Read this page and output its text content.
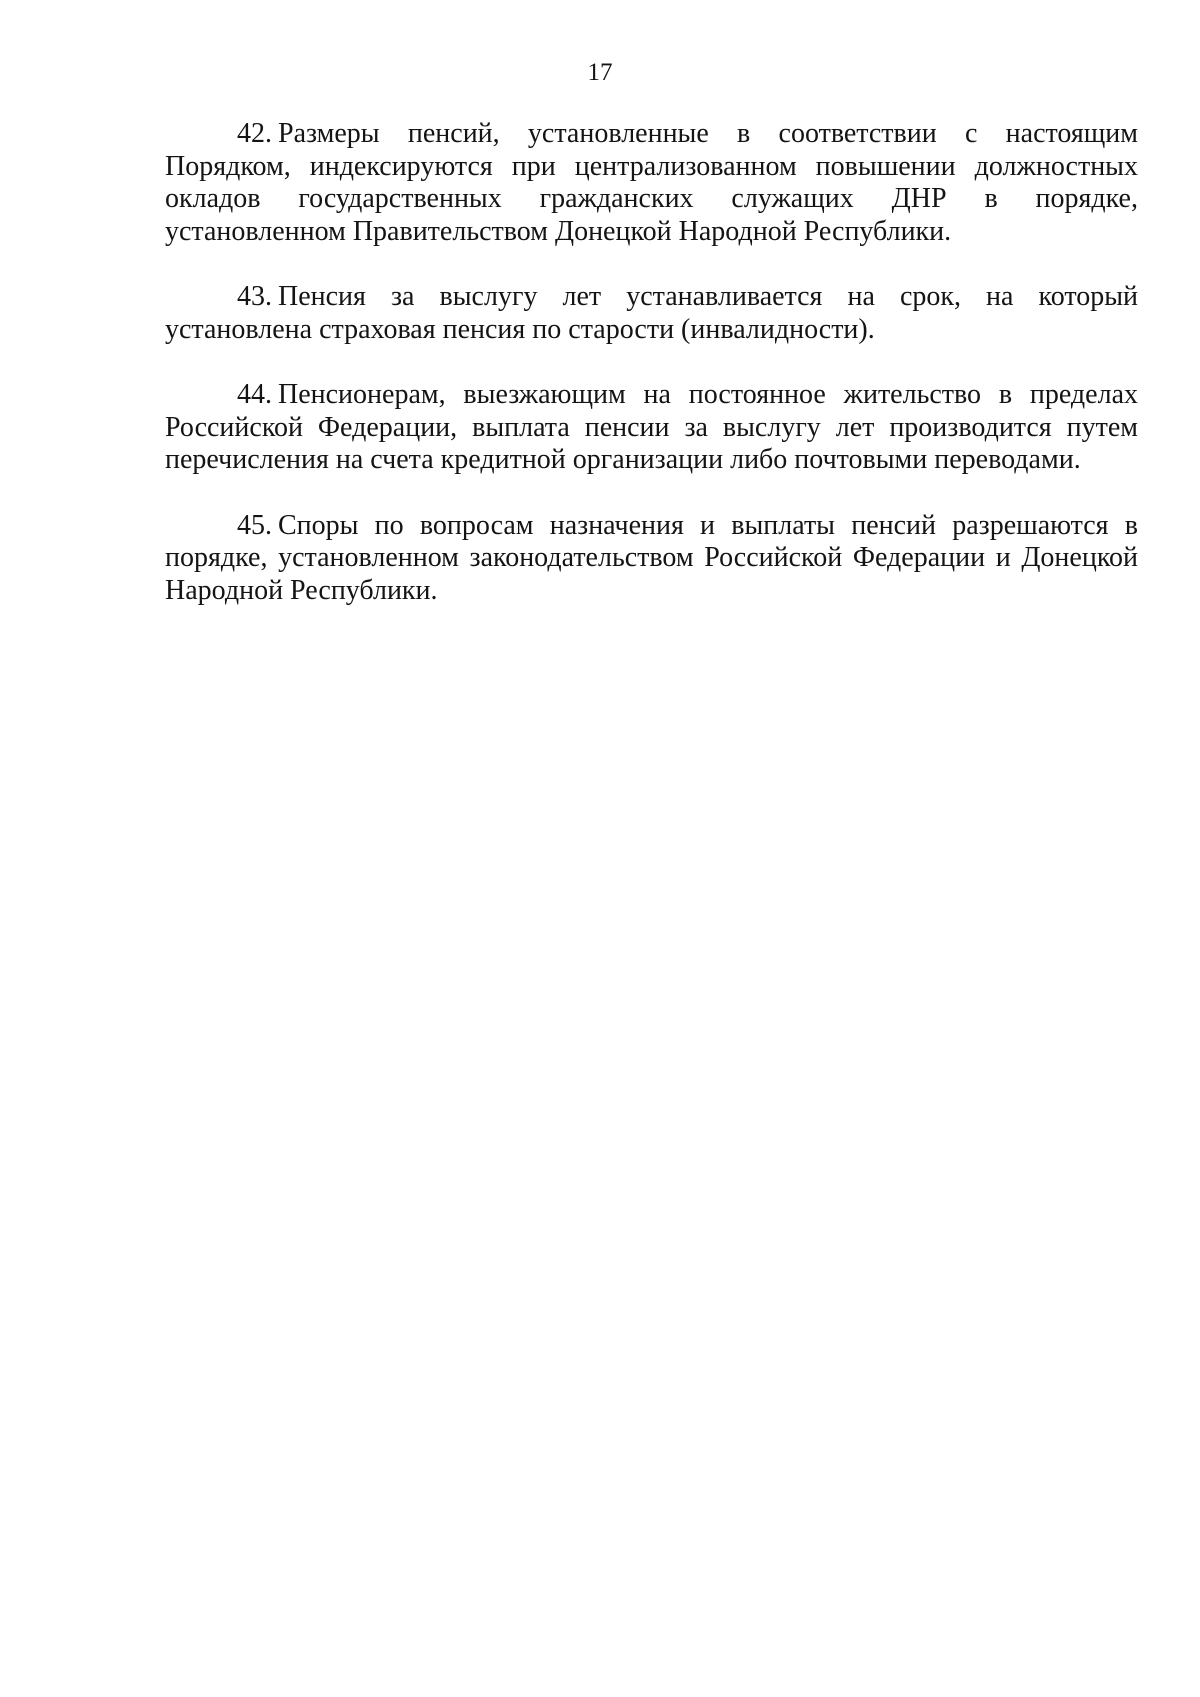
17

42. Размеры пенсий, установленные в соответствии с настоящим Порядком, индексируются при централизованном повышении должностных окладов государственных гражданских служащих ДНР в порядке, установленном Правительством Донецкой Народной Республики.

43. Пенсия за выслугу лет устанавливается на срок, на который установлена страховая пенсия по старости (инвалидности).

44. Пенсионерам, выезжающим на постоянное жительство в пределах Российской Федерации, выплата пенсии за выслугу лет производится путем перечисления на счета кредитной организации либо почтовыми переводами.

45. Споры по вопросам назначения и выплаты пенсий разрешаются в порядке, установленном законодательством Российской Федерации и Донецкой Народной Республики.
